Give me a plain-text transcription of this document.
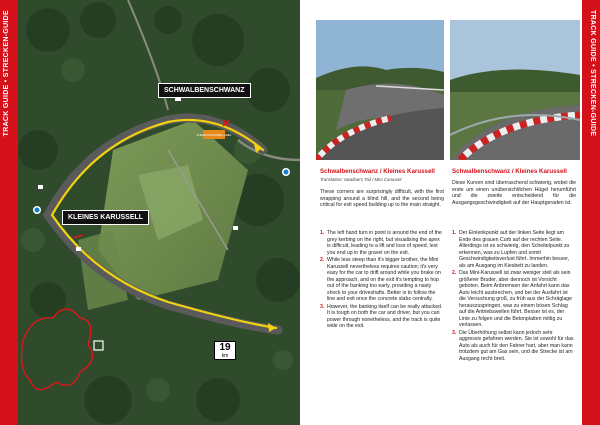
TRACK GUIDE • STRECKEN-GUIDE	KLEINES KARUSSELL AREA
SCHWALBENSCHWANZ
KLEINES KARUSSELL
19
km
TRACK GUIDE • STRECKEN-GUIDE
Schwalbenschwanz / Kleines Karussell
Translation: Swallow's Tail / Mini Carousel
These corners are surprisingly difficult, with the first wrapping around a blind hill, and the second being critical for exit speed building up to the main straight.
1. The left hand turn in point is around the end of the grey kerbing on the right, but visualising the apex is difficult, leading to a lift and loss of speed, lest you end up in the gravel on the exit.
2. While less steep than it's bigger brother, the Mini Karussell nevertheless requires caution; it's very easy for the car to drift around while you brake on the approach, and on the exit it's tempting to hop out of the banking too early, providing a nasty shock to your driveshafts. Better is to follow the line and exit once the concrete slabs centrally.
3. However, the banking itself can be really attacked. It is tough on both the car and driver, but you can power through nonetheless, and the track is quite wide on the exit.
Schwalbenschwanz / Kleines Karussell
Diese Kurven sind überraschend schwierig, wobei die erste um einen unübersichtlichen Hügel herumführt und die zweite entscheidend für die Ausgangsgeschwindigkeit auf der Hauptgeraden ist.
1. Der Einlenkpunkt auf der linken Seite liegt am Ende des grauen Curb auf der rechten Seite. Allerdings ist es schwierig, den Scheitelpunkt zu erkennen, was zu Lupfen und somit Geschwindigkeitsverlust führt. Immerhin besser, als am Ausgang im Kiesbett zu landen.
2. Das Mini-Karussell ist zwar weniger steil als sein größerer Bruder, aber dennoch ist Vorsicht geboten. Beim Anbremsen der Anfahrt kann das Auto leicht ausbrechen, und bei der Ausfahrt ist die Versuchung groß, zu früh aus der Schräglage herauszuspringen, was zu einem bösen Schlag auf die Antriebswellen führt. Besser ist es, der Linie zu folgen und die Betonplatten mittig zu verlassen.
3. Die Überhöhung selbst kann jedoch sehr aggressiv gefahren werden. Sie ist sowohl für das Auto als auch für den Fahrer hart, aber man kann trotzdem gut am Gas sein, und die Strecke ist am Ausgang recht breit.
